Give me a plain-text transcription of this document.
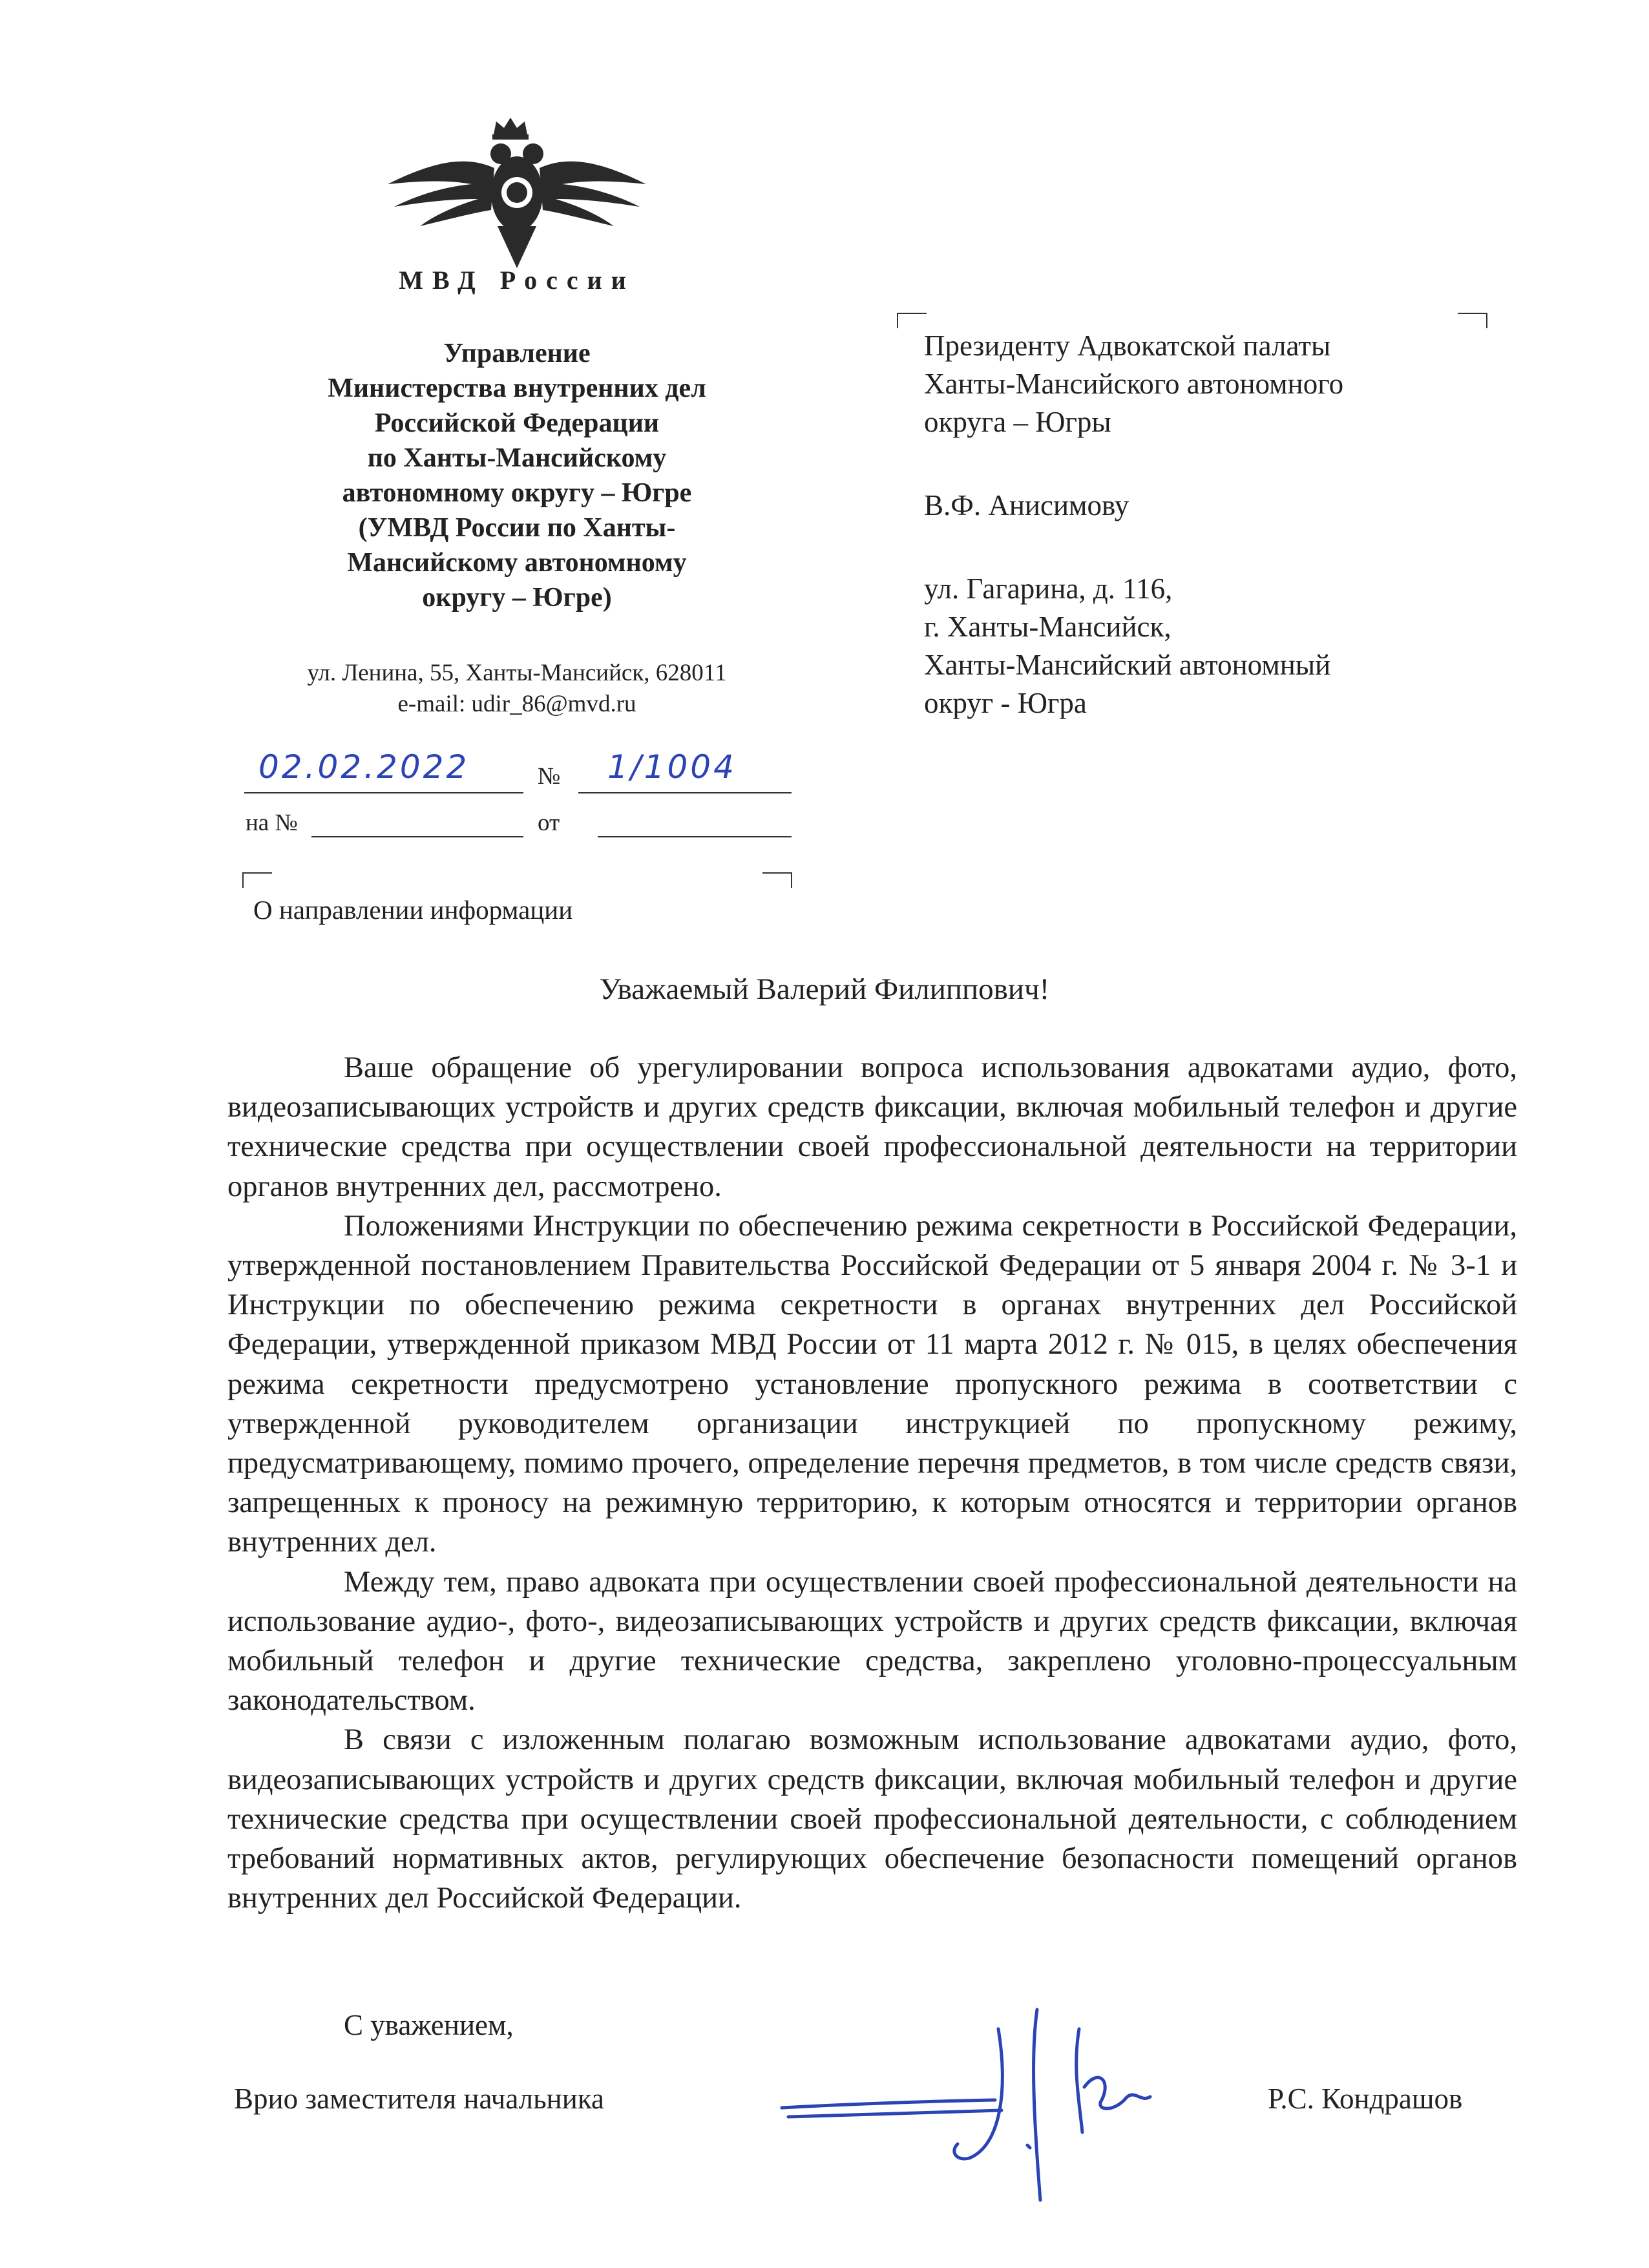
МВД России
Управление
Министерства внутренних дел
Российской Федерации
по Ханты-Мансийскому
автономному округу – Югре
(УМВД России по Ханты-
Мансийскому автономному
округу – Югре)
ул. Ленина, 55, Ханты-Мансийск, 628011
e-mail: udir_86@mvd.ru
02.02.2022	№ 1/1004
на №	от
О направлении информации
Президенту Адвокатской палаты
Ханты-Мансийского автономного
округа – Югры
В.Ф. Анисимову
ул. Гагарина, д. 116,
г. Ханты-Мансийск,
Ханты-Мансийский автономный
округ - Югра
Уважаемый Валерий Филиппович!

Ваше обращение об урегулировании вопроса использования адвокатами аудио, фото, видеозаписывающих устройств и других средств фиксации, включая мобильный телефон и другие технические средства при осуществлении своей профессиональной деятельности на территории органов внутренних дел, рассмотрено.

Положениями Инструкции по обеспечению режима секретности в Российской Федерации, утвержденной постановлением Правительства Российской Федерации от 5 января 2004 г. № 3-1 и Инструкции по обеспечению режима секретности в органах внутренних дел Российской Федерации, утвержденной приказом МВД России от 11 марта 2012 г. № 015, в целях обеспечения режима секретности предусмотрено установление пропускного режима в соответствии с утвержденной руководителем организации инструкцией по пропускному режиму, предусматривающему, помимо прочего, определение перечня предметов, в том числе средств связи, запрещенных к проносу на режимную территорию, к которым относятся и территории органов внутренних дел.

Между тем, право адвоката при осуществлении своей профессиональной деятельности на использование аудио-, фото-, видеозаписывающих устройств и других средств фиксации, включая мобильный телефон и другие технические средства, закреплено уголовно-процессуальным законодательством.

В связи с изложенным полагаю возможным использование адвокатами аудио, фото, видеозаписывающих устройств и других средств фиксации, включая мобильный телефон и другие технические средства при осуществлении своей профессиональной деятельности, с соблюдением требований нормативных актов, регулирующих обеспечение безопасности помещений органов внутренних дел Российской Федерации.

С уважением,
Врио заместителя начальника	Р.С. Кондрашов
